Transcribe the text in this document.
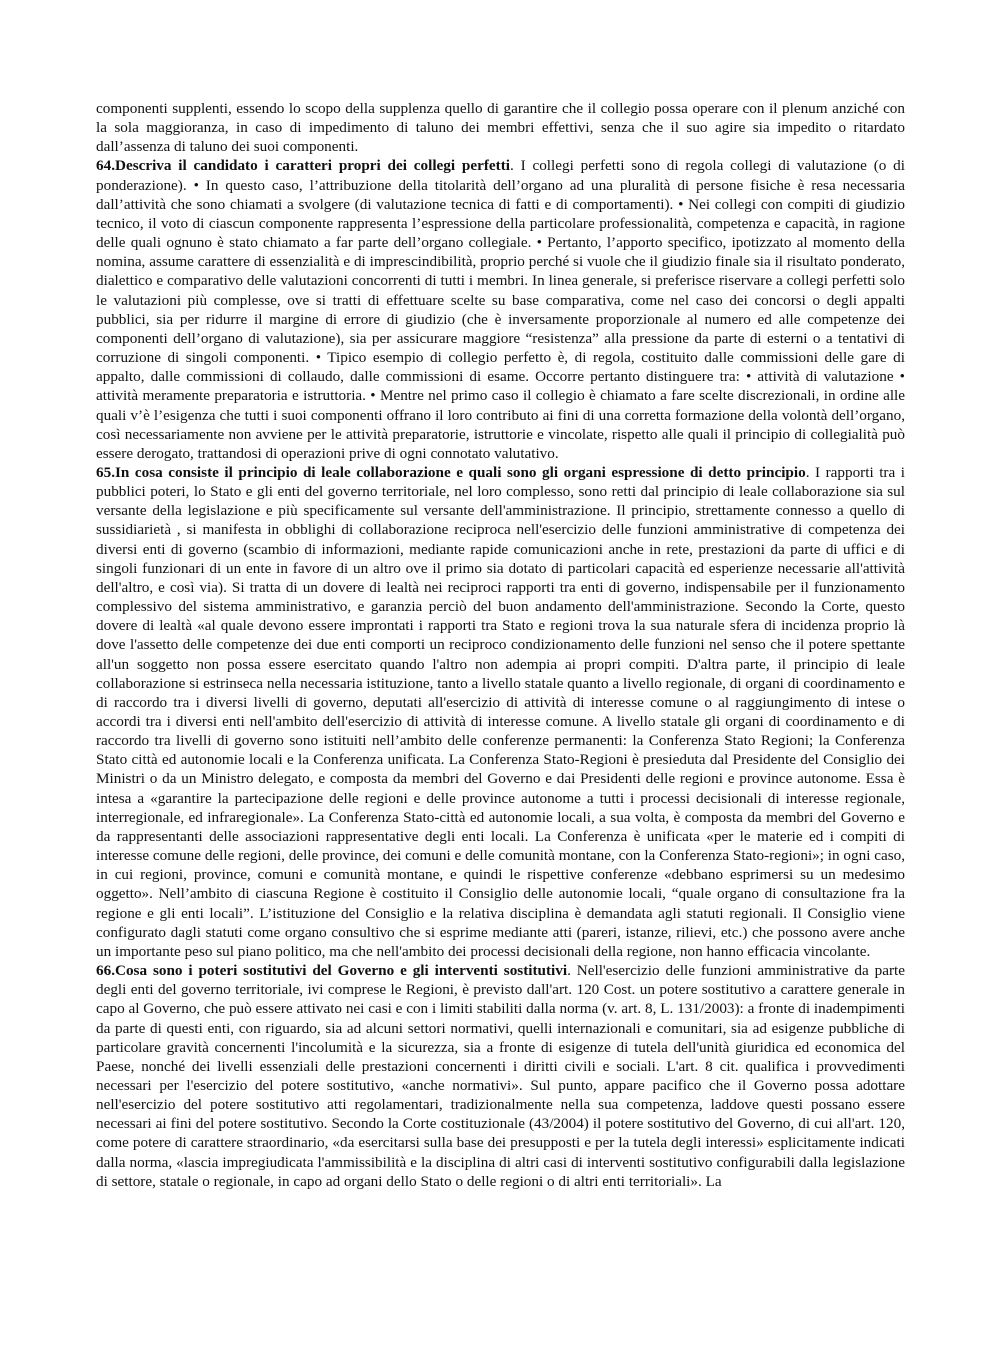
componenti supplenti, essendo lo scopo della supplenza quello di garantire che il collegio possa operare con il plenum anziché con la sola maggioranza, in caso di impedimento di taluno dei membri effettivi, senza che il suo agire sia impedito o ritardato dall’assenza di taluno dei suoi componenti.

64.Descriva il candidato i caratteri propri dei collegi perfetti. I collegi perfetti sono di regola collegi di valutazione (o di ponderazione). • In questo caso, l’attribuzione della titolarità dell’organo ad una pluralità di persone fisiche è resa necessaria dall’attività che sono chiamati a svolgere (di valutazione tecnica di fatti e di comportamenti). • Nei collegi con compiti di giudizio tecnico, il voto di ciascun componente rappresenta l’espressione della particolare professionalità, competenza e capacità, in ragione delle quali ognuno è stato chiamato a far parte dell’organo collegiale. • Pertanto, l’apporto specifico, ipotizzato al momento della nomina, assume carattere di essenzialità e di imprescindibilità, proprio perché si vuole che il giudizio finale sia il risultato ponderato, dialettico e comparativo delle valutazioni concorrenti di tutti i membri. In linea generale, si preferisce riservare a collegi perfetti solo le valutazioni più complesse, ove si tratti di effettuare scelte su base comparativa, come nel caso dei concorsi o degli appalti pubblici, sia per ridurre il margine di errore di giudizio (che è inversamente proporzionale al numero ed alle competenze dei componenti dell’organo di valutazione), sia per assicurare maggiore “resistenza” alla pressione da parte di esterni o a tentativi di corruzione di singoli componenti. • Tipico esempio di collegio perfetto è, di regola, costituito dalle commissioni delle gare di appalto, dalle commissioni di collaudo, dalle commissioni di esame. Occorre pertanto distinguere tra: • attività di valutazione • attività meramente preparatoria e istruttoria. • Mentre nel primo caso il collegio è chiamato a fare scelte discrezionali, in ordine alle quali v’è l’esigenza che tutti i suoi componenti offrano il loro contributo ai fini di una corretta formazione della volontà dell’organo, così necessariamente non avviene per le attività preparatorie, istruttorie e vincolate, rispetto alle quali il principio di collegialità può essere derogato, trattandosi di operazioni prive di ogni connotato valutativo.

65.In cosa consiste il principio di leale collaborazione e quali sono gli organi espressione di detto principio. I rapporti tra i pubblici poteri, lo Stato e gli enti del governo territoriale, nel loro complesso, sono retti dal principio di leale collaborazione sia sul versante della legislazione e più specificamente sul versante dell'amministrazione. Il principio, strettamente connesso a quello di sussidiarietà , si manifesta in obblighi di collaborazione reciproca nell'esercizio delle funzioni amministrative di competenza dei diversi enti di governo (scambio di informazioni, mediante rapide comunicazioni anche in rete, prestazioni da parte di uffici e di singoli funzionari di un ente in favore di un altro ove il primo sia dotato di particolari capacità ed esperienze necessarie all'attività dell'altro, e così via). Si tratta di un dovere di lealtà nei reciproci rapporti tra enti di governo, indispensabile per il funzionamento complessivo del sistema amministrativo, e garanzia perciò del buon andamento dell'amministrazione. Secondo la Corte, questo dovere di lealtà «al quale devono essere improntati i rapporti tra Stato e regioni trova la sua naturale sfera di incidenza proprio là dove l'assetto delle competenze dei due enti comporti un reciproco condizionamento delle funzioni nel senso che il potere spettante all'un soggetto non possa essere esercitato quando l'altro non adempia ai propri compiti. D'altra parte, il principio di leale collaborazione si estrinseca nella necessaria istituzione, tanto a livello statale quanto a livello regionale, di organi di coordinamento e di raccordo tra i diversi livelli di governo, deputati all'esercizio di attività di interesse comune o al raggiungimento di intese o accordi tra i diversi enti nell'ambito dell'esercizio di attività di interesse comune. A livello statale gli organi di coordinamento e di raccordo tra livelli di governo sono istituiti nell’ambito delle conferenze permanenti: la Conferenza Stato Regioni; la Conferenza Stato città ed autonomie locali e la Conferenza unificata. La Conferenza Stato-Regioni è presieduta dal Presidente del Consiglio dei Ministri o da un Ministro delegato, e composta da membri del Governo e dai Presidenti delle regioni e province autonome. Essa è intesa a «garantire la partecipazione delle regioni e delle province autonome a tutti i processi decisionali di interesse regionale, interregionale, ed infraregionale». La Conferenza Stato-città ed autonomie locali, a sua volta, è composta da membri del Governo e da rappresentanti delle associazioni rappresentative degli enti locali. La Conferenza è unificata «per le materie ed i compiti di interesse comune delle regioni, delle province, dei comuni e delle comunità montane, con la Conferenza Stato-regioni»; in ogni caso, in cui regioni, province, comuni e comunità montane, e quindi le rispettive conferenze «debbano esprimersi su un medesimo oggetto». Nell’ambito di ciascuna Regione è costituito il Consiglio delle autonomie locali, “quale organo di consultazione fra la regione e gli enti locali”. L’istituzione del Consiglio e la relativa disciplina è demandata agli statuti regionali. Il Consiglio viene configurato dagli statuti come organo consultivo che si esprime mediante atti (pareri, istanze, rilievi, etc.) che possono avere anche un importante peso sul piano politico, ma che nell'ambito dei processi decisionali della regione, non hanno efficacia vincolante.

66.Cosa sono i poteri sostitutivi del Governo e gli interventi sostitutivi. Nell'esercizio delle funzioni amministrative da parte degli enti del governo territoriale, ivi comprese le Regioni, è previsto dall'art. 120 Cost. un potere sostitutivo a carattere generale in capo al Governo, che può essere attivato nei casi e con i limiti stabiliti dalla norma (v. art. 8, L. 131/2003): a fronte di inadempimenti da parte di questi enti, con riguardo, sia ad alcuni settori normativi, quelli internazionali e comunitari, sia ad esigenze pubbliche di particolare gravità concernenti l'incolumità e la sicurezza, sia a fronte di esigenze di tutela dell'unità giuridica ed economica del Paese, nonché dei livelli essenziali delle prestazioni concernenti i diritti civili e sociali. L'art. 8 cit. qualifica i provvedimenti necessari per l'esercizio del potere sostitutivo, «anche normativi». Sul punto, appare pacifico che il Governo possa adottare nell'esercizio del potere sostitutivo atti regolamentari, tradizionalmente nella sua competenza, laddove questi possano essere necessari ai fini del potere sostitutivo. Secondo la Corte costituzionale (43/2004) il potere sostitutivo del Governo, di cui all'art. 120, come potere di carattere straordinario, «da esercitarsi sulla base dei presupposti e per la tutela degli interessi» esplicitamente indicati dalla norma, «lascia impregiudicata l'ammissibilità e la disciplina di altri casi di interventi sostitutivo configurabili dalla legislazione di settore, statale o regionale, in capo ad organi dello Stato o delle regioni o di altri enti territoriali». La
